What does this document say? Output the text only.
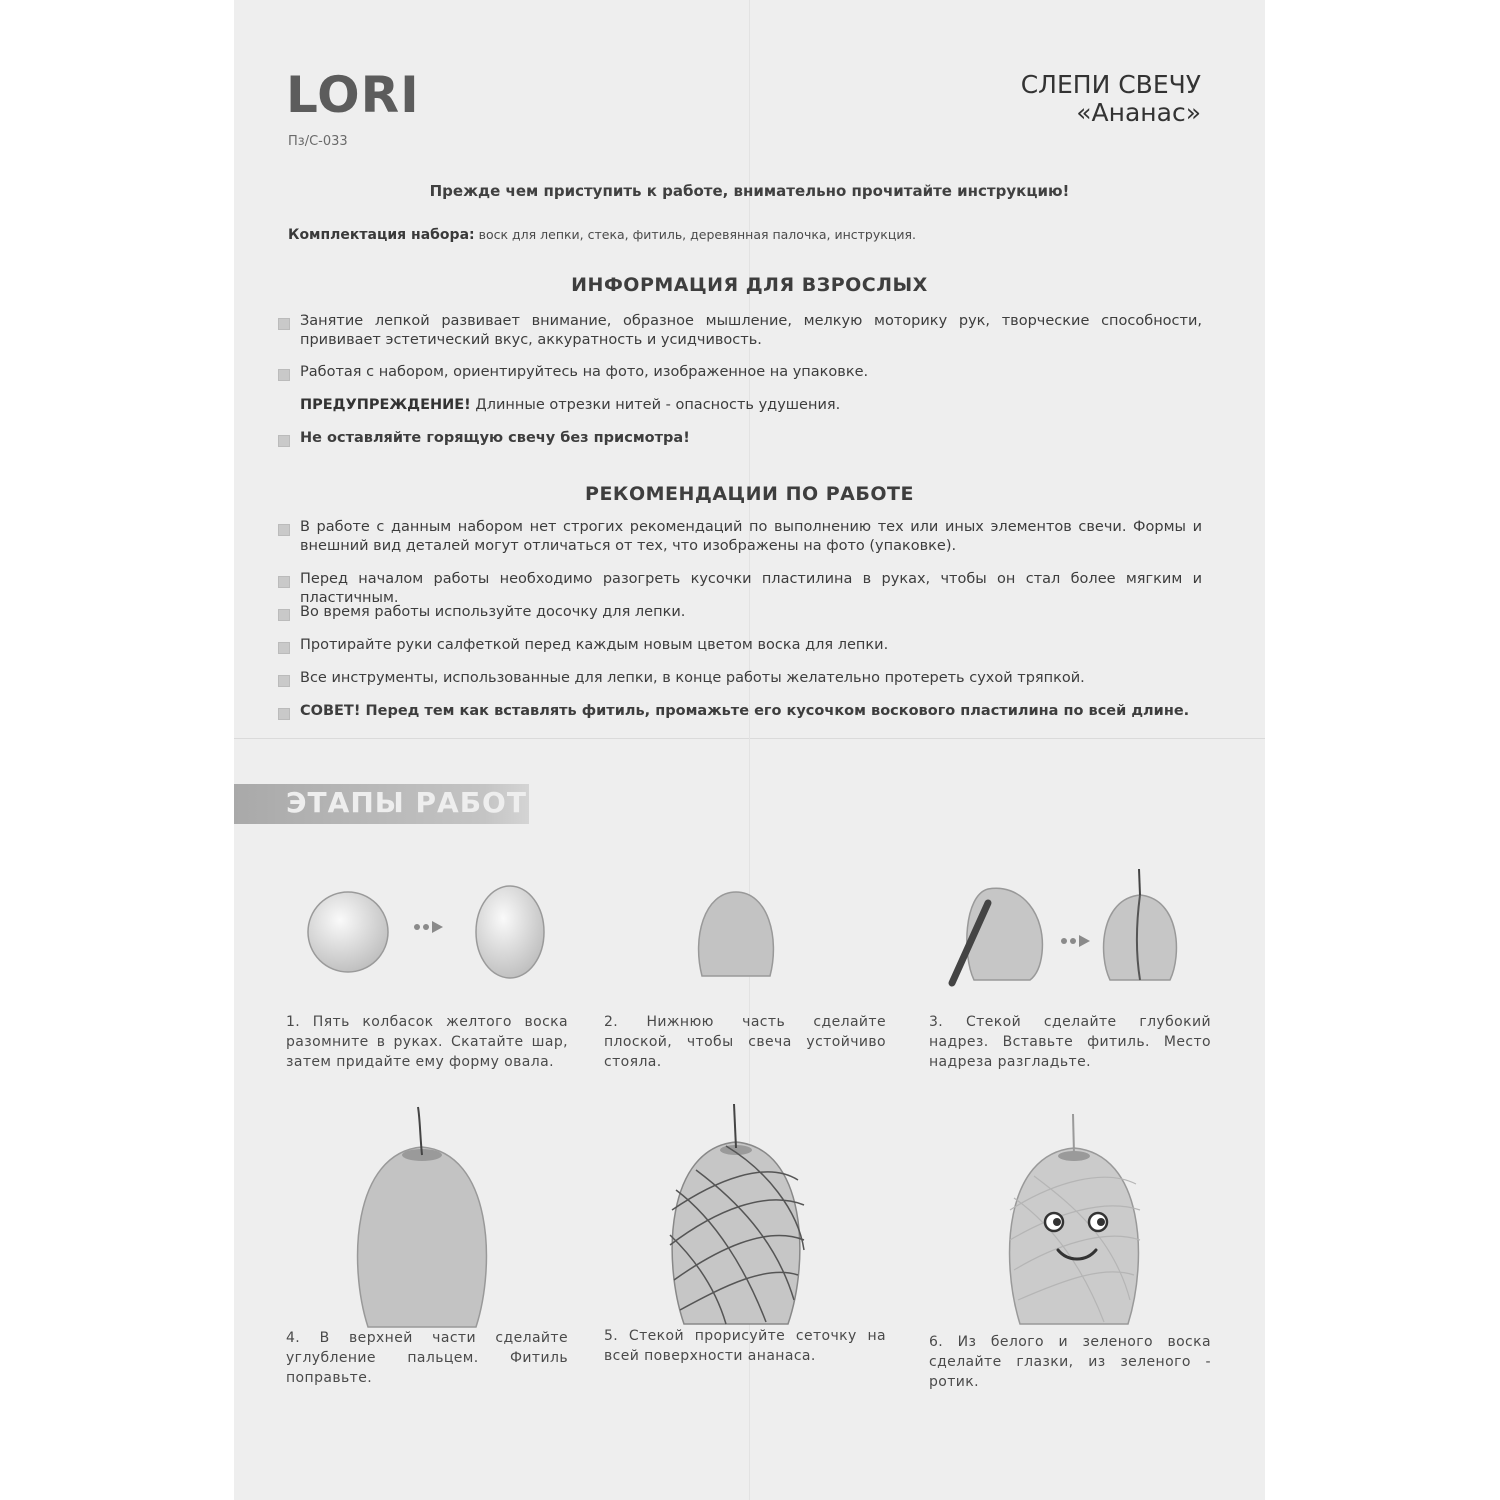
LORI
Пз/С-033
СЛЕПИ СВЕЧУ
«Ананас»
Прежде чем приступить к работе, внимательно прочитайте инструкцию!
Комплектация набора: воск для лепки, стека, фитиль, деревянная палочка, инструкция.
ИНФОРМАЦИЯ ДЛЯ ВЗРОСЛЫХ
Занятие лепкой развивает внимание, образное мышление, мелкую моторику рук, творческие способности, прививает эстетический вкус, аккуратность и усидчивость.
Работая с набором, ориентируйтесь на фото, изображенное на упаковке.
ПРЕДУПРЕЖДЕНИЕ! Длинные отрезки нитей - опасность удушения.
Не оставляйте горящую свечу без присмотра!
РЕКОМЕНДАЦИИ ПО РАБОТЕ
В работе с данным набором нет строгих рекомендаций по выполнению тех или иных элементов свечи. Формы и внешний вид деталей могут отличаться от тех, что изображены на фото (упаковке).
Перед началом работы необходимо разогреть кусочки пластилина в руках, чтобы он стал более мягким и пластичным.
Во время работы используйте досочку для лепки.
Протирайте руки салфеткой перед каждым новым цветом воска для лепки.
Все инструменты, использованные для лепки, в конце работы желательно протереть сухой тряпкой.
СОВЕТ! Перед тем как вставлять фитиль, промажьте его кусочком воскового пластилина по всей длине.
ЭТАПЫ РАБОТЫ
1. Пять колбасок желтого воска разомните в руках. Скатайте шар, затем придайте ему форму овала.
2. Нижнюю часть сделайте плоской, чтобы свеча устойчиво стояла.
3. Стекой сделайте глубокий надрез. Вставьте фитиль. Место надреза разгладьте.
4. В верхней части сделайте углубление пальцем. Фитиль поправьте.
5. Стекой прорисуйте сеточку на всей поверхности ананаса.
6. Из белого и зеленого воска сделайте глазки, из зеленого - ротик.
